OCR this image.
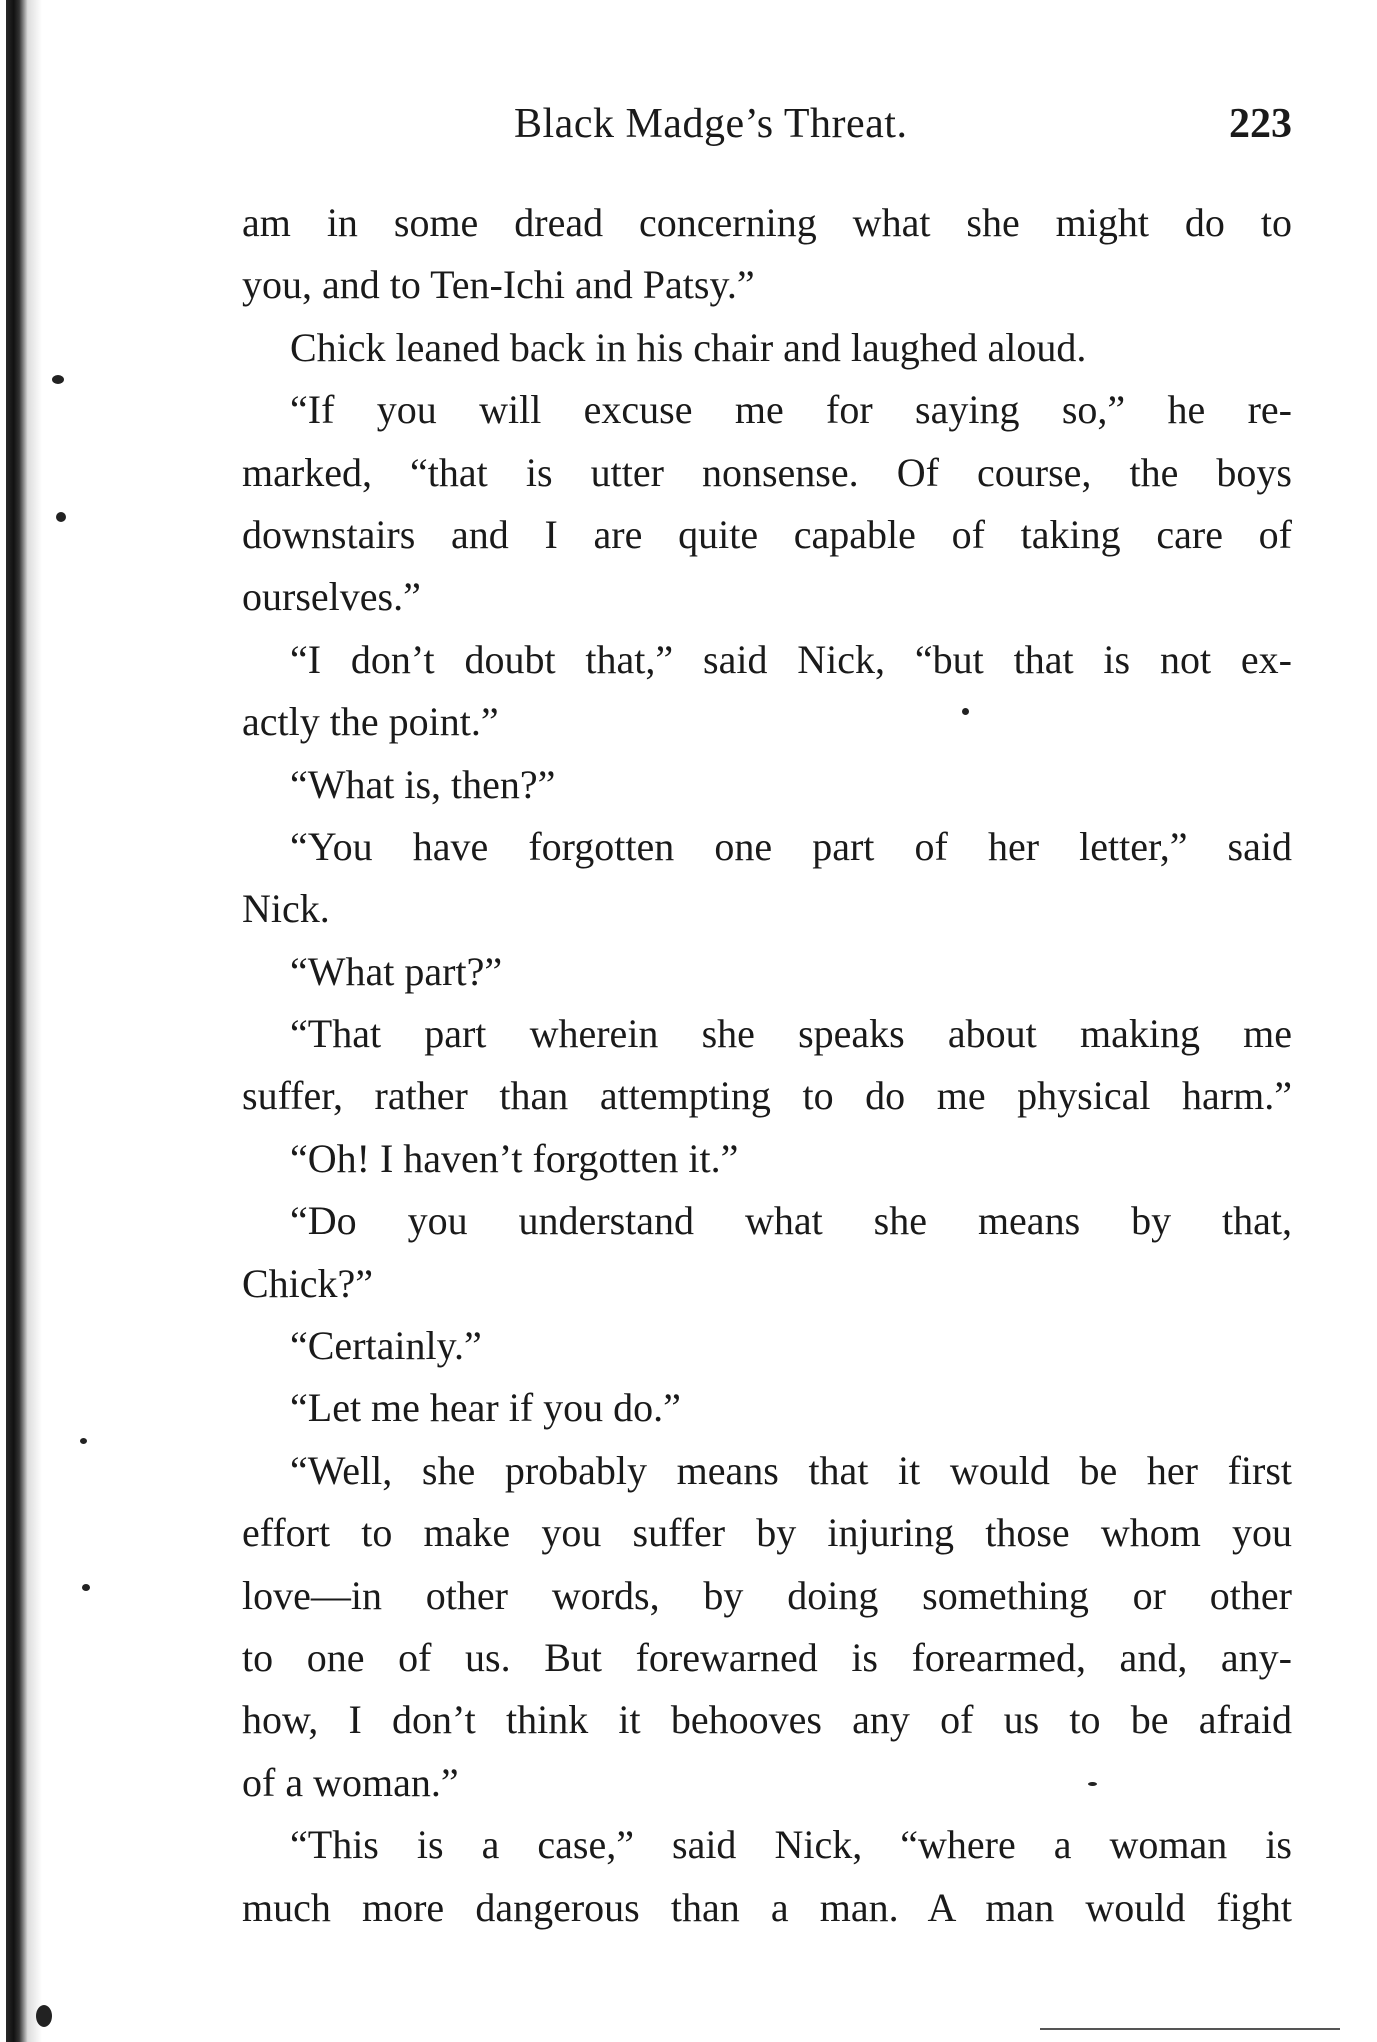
Black Madge’s Threat.	223
am in some dread concerning what she might do to
you, and to Ten-Ichi and Patsy.”
Chick leaned back in his chair and laughed aloud.
“If you will excuse me for saying so,” he re-
marked, “that is utter nonsense. Of course, the boys
downstairs and I are quite capable of taking care of
ourselves.”
“I don’t doubt that,” said Nick, “but that is not ex-
actly the point.”
“What is, then?”
“You have forgotten one part of her letter,” said
Nick.
“What part?”
“That part wherein she speaks about making me
suffer, rather than attempting to do me physical harm.”
“Oh! I haven’t forgotten it.”
“Do you understand what she means by that,
Chick?”
“Certainly.”
“Let me hear if you do.”
“Well, she probably means that it would be her first
effort to make you suffer by injuring those whom you
love—in other words, by doing something or other
to one of us. But forewarned is forearmed, and, any-
how, I don’t think it behooves any of us to be afraid
of a woman.”
“This is a case,” said Nick, “where a woman is
much more dangerous than a man. A man would fight
